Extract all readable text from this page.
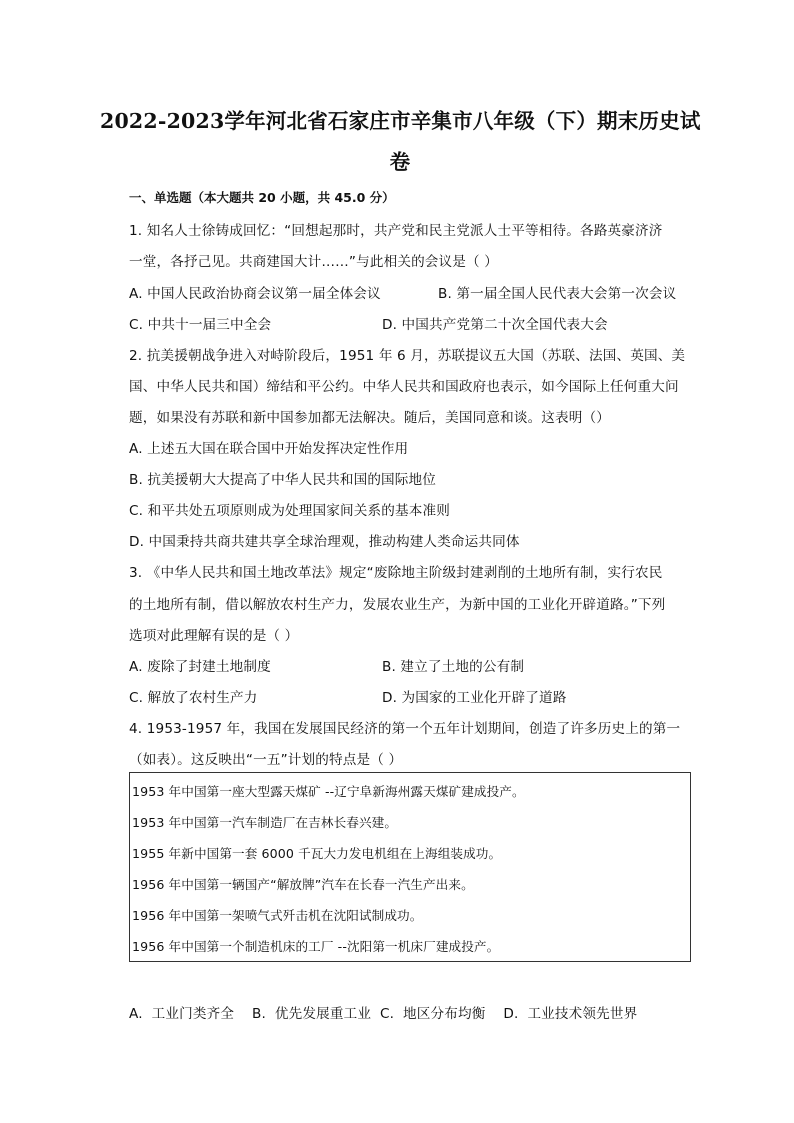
2022-2023学年河北省石家庄市辛集市八年级（下）期末历史试
卷
一、单选题（本大题共 20 小题，共 45.0 分）
1. 知名人士徐铸成回忆：“回想起那时，共产党和民主党派人士平等相待。各路英豪济济
一堂，各抒己见。共商建国大计……”与此相关的会议是（ ）
A. 中国人民政治协商会议第一届全体会议	B. 第一届全国人民代表大会第一次会议
C. 中共十一届三中全会	D. 中国共产党第二十次全国代表大会
2. 抗美援朝战争进入对峙阶段后，1951 年 6 月，苏联提议五大国（苏联、法国、英国、美
国、中华人民共和国）缔结和平公约。中华人民共和国政府也表示，如今国际上任何重大问
题，如果没有苏联和新中国参加都无法解决。随后，美国同意和谈。这表明（）
A. 上述五大国在联合国中开始发挥决定性作用
B. 抗美援朝大大提高了中华人民共和国的国际地位
C. 和平共处五项原则成为处理国家间关系的基本准则
D. 中国秉持共商共建共享全球治理观，推动构建人类命运共同体
3. 《中华人民共和国土地改革法》规定“废除地主阶级封建剥削的土地所有制，实行农民
的土地所有制，借以解放农村生产力，发展农业生产，为新中国的工业化开辟道路。”下列
选项对此理解有误的是（ ）
A. 废除了封建土地制度	B. 建立了土地的公有制
C. 解放了农村生产力	D. 为国家的工业化开辟了道路
4. 1953-1957 年，我国在发展国民经济的第一个五年计划期间，创造了许多历史上的第一
（如表）。这反映出“一五”计划的特点是（ ）
1953 年中国第一座大型露天煤矿 --辽宁阜新海州露天煤矿建成投产。
1953 年中国第一汽车制造厂在吉林长春兴建。
1955 年新中国第一套 6000 千瓦大力发电机组在上海组装成功。
1956 年中国第一辆国产“解放牌”汽车在长春一汽生产出来。
1956 年中国第一架喷气式歼击机在沈阳试制成功。
1956 年中国第一个制造机床的工厂 --沈阳第一机床厂建成投产。
A.  工业门类齐全    B.  优先发展重工业  C.  地区分布均衡    D.  工业技术领先世界
